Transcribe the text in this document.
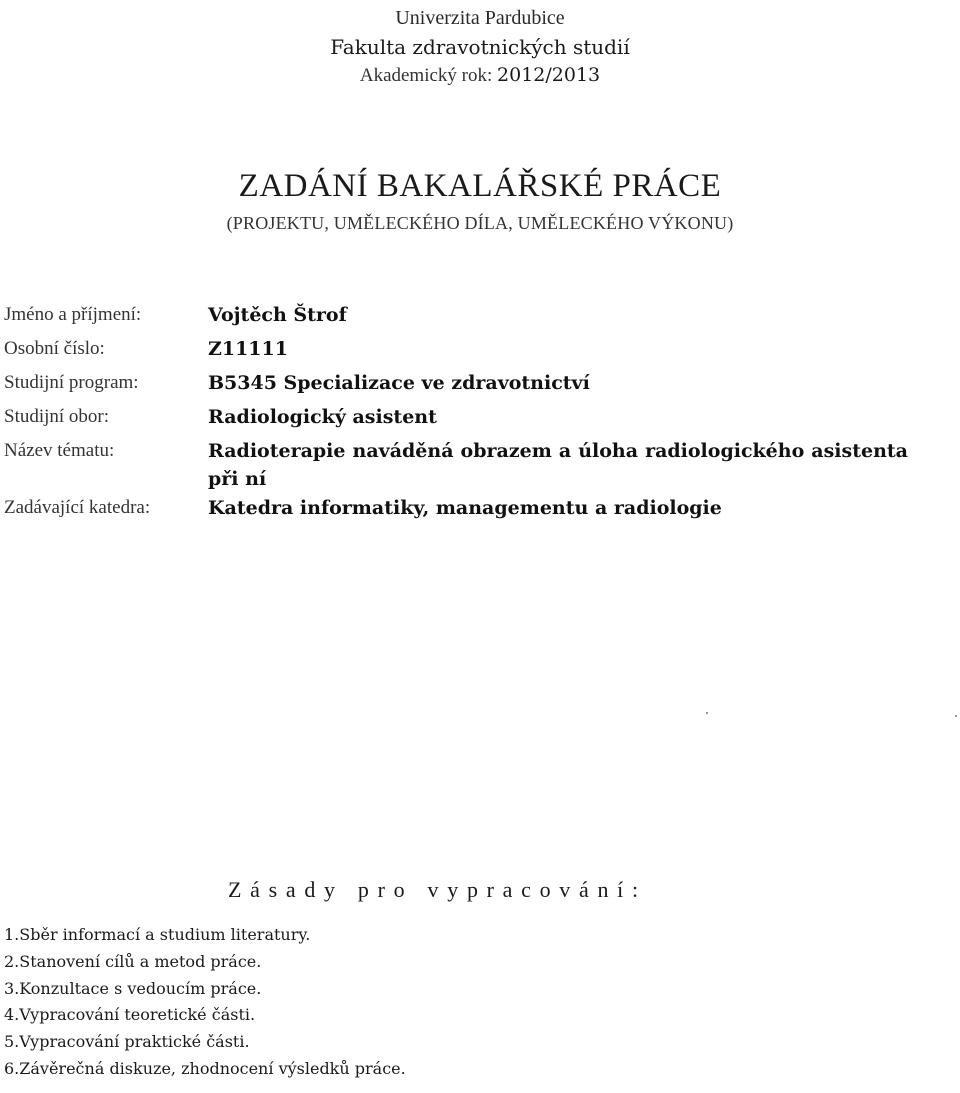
Univerzita Pardubice
Fakulta zdravotnických studií
Akademický rok: 2012/2013
ZADÁNÍ BAKALÁŘSKÉ PRÁCE
(PROJEKTU, UMĚLECKÉHO DÍLA, UMĚLECKÉHO VÝKONU)
Jméno a příjmení:	Vojtěch Štrof
Osobní číslo:	Z11111
Studijní program:	B5345 Specializace ve zdravotnictví
Studijní obor:	Radiologický asistent
Název tématu:	Radioterapie naváděná obrazem a úloha radiologického asistenta při ní
Zadávající katedra:	Katedra informatiky, managementu a radiologie
Zásady pro vypracování:
1.Sběr informací a studium literatury.
2.Stanovení cílů a metod práce.
3.Konzultace s vedoucím práce.
4.Vypracování teoretické části.
5.Vypracování praktické části.
6.Závěrečná diskuze, zhodnocení výsledků práce.
